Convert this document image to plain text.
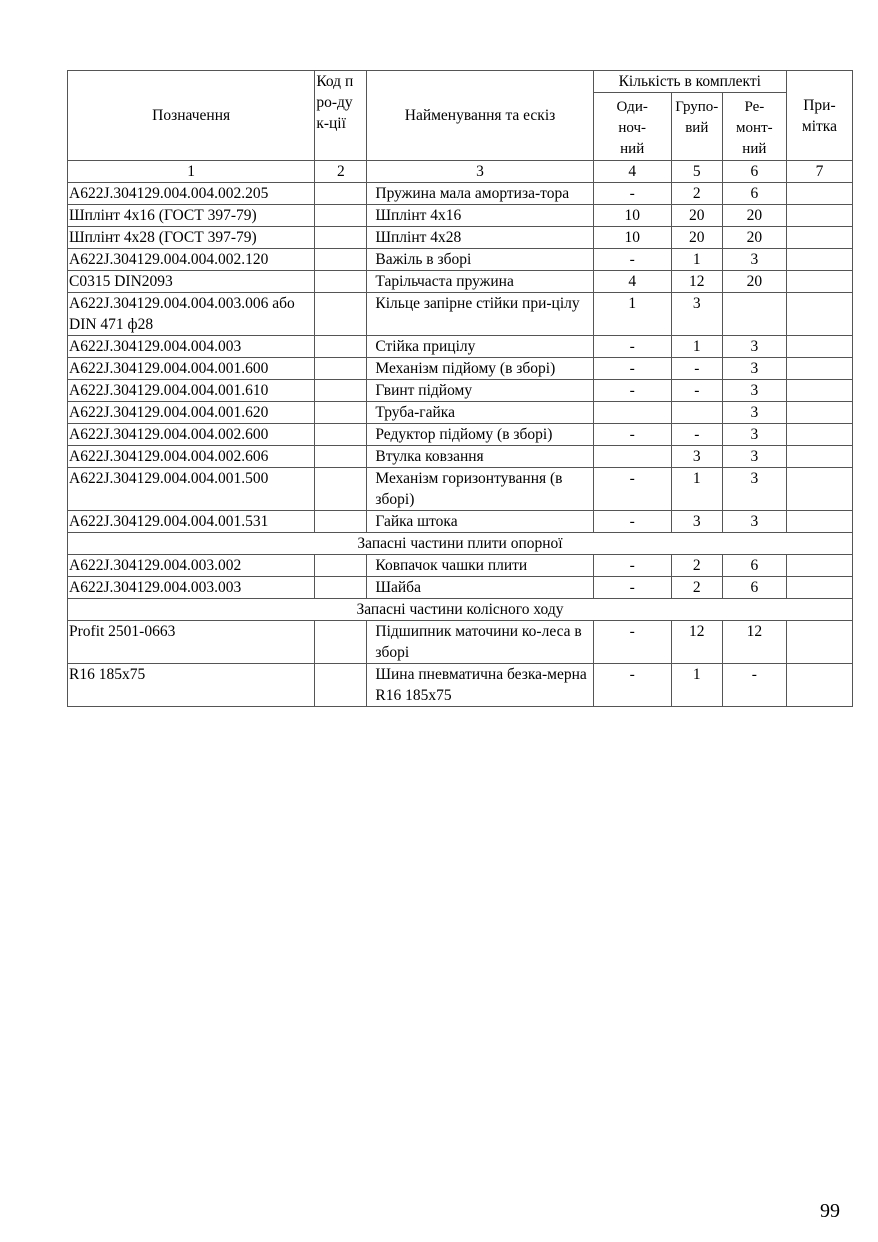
Позначення	Код про-дук-ції	Найменування та ескіз	Кількість в комплекті			При-мітка

			Оди-ноч-ний	Групо-вий	Ре-монт-ний	

1	2	3	4	5	6	7
A622J.304129.004.004.002.205		Пружина мала амортиза-тора	-	2	6	
Шплінт 4х16 (ГОСТ 397-79)		Шплінт 4х16	10	20	20	
Шплінт 4х28 (ГОСТ 397-79)		Шплінт 4х28	10	20	20	
A622J.304129.004.004.002.120		Важіль в зборі	-	1	3	
C0315 DIN2093		Тарільчаста пружина	4	12	20	
A622J.304129.004.004.003.006 або DIN 471 ф28		Кільце запірне стійки при-цілу	1	3		
A622J.304129.004.004.003		Стійка прицілу	-	1	3	
A622J.304129.004.004.001.600		Механізм підйому (в зборі)	-	-	3	
A622J.304129.004.004.001.610		Гвинт підйому	-	-	3	
A622J.304129.004.004.001.620		Труба-гайка			3	
A622J.304129.004.004.002.600		Редуктор підйому (в зборі)	-	-	3	
A622J.304129.004.004.002.606		Втулка ковзання		3	3	
A622J.304129.004.004.001.500		Механізм горизонтування (в зборі)	-	1	3	
A622J.304129.004.004.001.531		Гайка штока	-	3	3	
Запасні частини плити опорної						
A622J.304129.004.003.002		Ковпачок чашки плити	-	2	6	
A622J.304129.004.003.003		Шайба	-	2	6	
Запасні частини колісного ходу						
Profit 2501-0663		Підшипник маточини ко-леса в зборі	-	12	12	
R16 185x75		Шина пневматична безка-мерна R16 185x75	-	1	-	
99
